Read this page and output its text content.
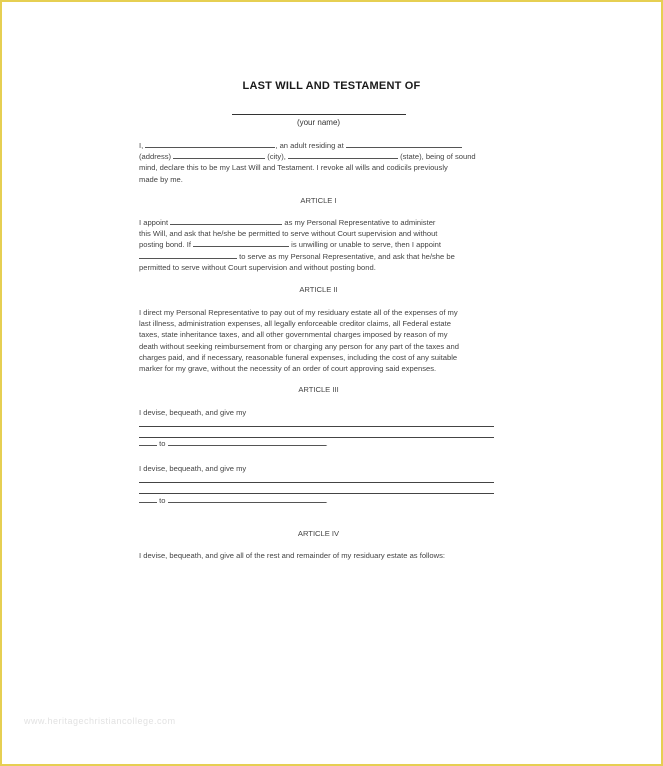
LAST WILL AND TESTAMENT OF
(your name)
I,	, an adult residing at
(address)	(city),	(state), being of sound
mind, declare this to be my Last Will and Testament. I revoke all wills and codicils previously
made by me.
ARTICLE I
I appoint	as my Personal Representative to administer
this Will, and ask that he/she be permitted to serve without Court supervision and without
posting bond. If	is unwilling or unable to serve, then I appoint
to serve as my Personal Representative, and ask that he/she be
permitted to serve without Court supervision and without posting bond.
ARTICLE II
I direct my Personal Representative to pay out of my residuary estate all of the expenses of my
last illness, administration expenses, all legally enforceable creditor claims, all Federal estate
taxes, state inheritance taxes, and all other governmental charges imposed by reason of my
death without seeking reimbursement from or charging any person for any part of the taxes and
charges paid, and if necessary, reasonable funeral expenses, including the cost of any suitable
marker for my grave, without the necessity of an order of court approving said expenses.
ARTICLE III
I devise, bequeath, and give my
to	.
I devise, bequeath, and give my
to	.
ARTICLE IV
I devise, bequeath, and give all of the rest and remainder of my residuary estate as follows:
www.heritagechristiancollege.com
